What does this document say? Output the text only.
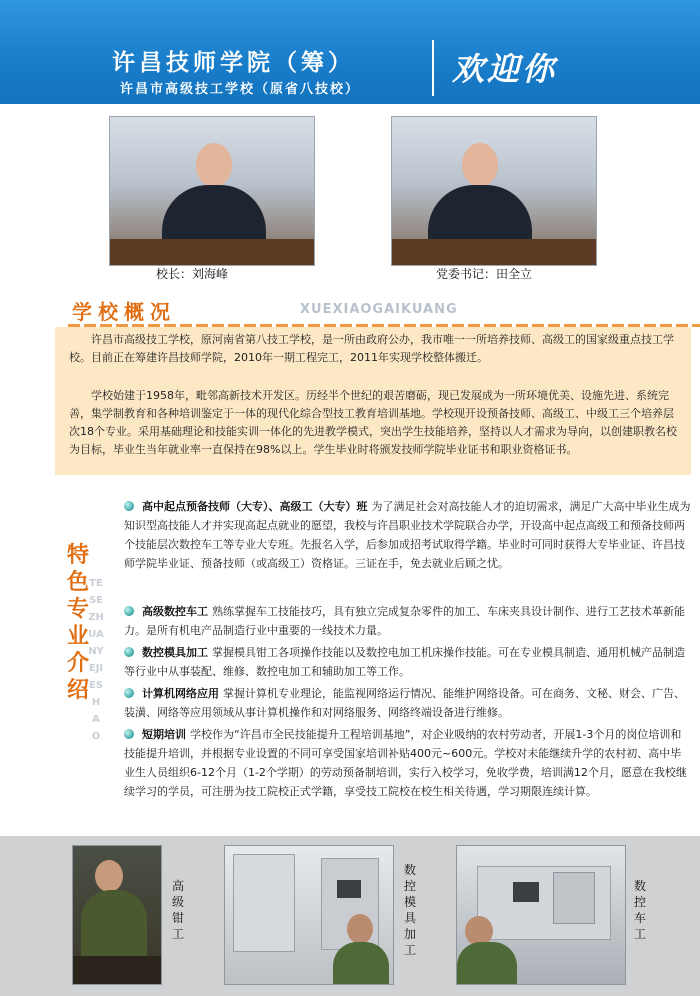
许昌技师学院（筹）
许昌市高级技工学校（原省八技校）
欢迎你
校长：刘海峰	党委书记：田全立
学校概况	XUEXIAOGAIKUANG

许昌市高级技工学校，原河南省第八技工学校，是一所由政府公办，我市唯一一所培养技师、高级工的国家级重点技工学校。目前正在筹建许昌技师学院，2010年一期工程完工，2011年实现学校整体搬迁。

学校始建于1958年，毗邻高新技术开发区。历经半个世纪的艰苦磨砺，现已发展成为一所环境优美、设施先进、系统完善，集学制教育和各种培训鉴定于一体的现代化综合型技工教育培训基地。学校现开设预备技师、高级工、中级工三个培养层次18个专业。采用基础理论和技能实训一体化的先进教学模式，突出学生技能培养，坚持以人才需求为导向，以创建职教名校为目标，毕业生当年就业率一直保持在98%以上。学生毕业时将颁发技师学院毕业证书和职业资格证书。

特色专业介绍
TESEZHUANYEJIESHAO

高中起点预备技师（大专）、高级工（大专）班 为了满足社会对高技能人才的迫切需求，满足广大高中毕业生成为知识型高技能人才并实现高起点就业的愿望，我校与许昌职业技术学院联合办学，开设高中起点高级工和预备技师两个技能层次数控车工等专业大专班。先报名入学，后参加成招考试取得学籍。毕业时可同时获得大专毕业证、许昌技师学院毕业证、预备技师（或高级工）资格证。三证在手，免去就业后顾之忧。

高级数控车工 熟练掌握车工技能技巧，具有独立完成复杂零件的加工、车床夹具设计制作、进行工艺技术革新能力。是所有机电产品制造行业中重要的一线技术力量。

数控模具加工 掌握模具钳工各项操作技能以及数控电加工机床操作技能。可在专业模具制造、通用机械产品制造等行业中从事装配、维修、数控电加工和辅助加工等工作。

计算机网络应用 掌握计算机专业理论，能监视网络运行情况、能维护网络设备。可在商务、文秘、财会、广告、装潢、网络等应用领域从事计算机操作和对网络服务、网络终端设备进行维修。

短期培训 学校作为“许昌市全民技能提升工程培训基地”，对企业吸纳的农村劳动者，开展1-3个月的岗位培训和技能提升培训，并根据专业设置的不同可享受国家培训补贴400元~600元。学校对未能继续升学的农村初、高中毕业生人员组织6-12个月（1-2个学期）的劳动预备制培训，实行入校学习，免收学费，培训满12个月，愿意在我校继续学习的学员，可注册为技工院校正式学籍，享受技工院校在校生相关待遇，学习期限连续计算。

高级钳工
数控模具加工
数控车工
